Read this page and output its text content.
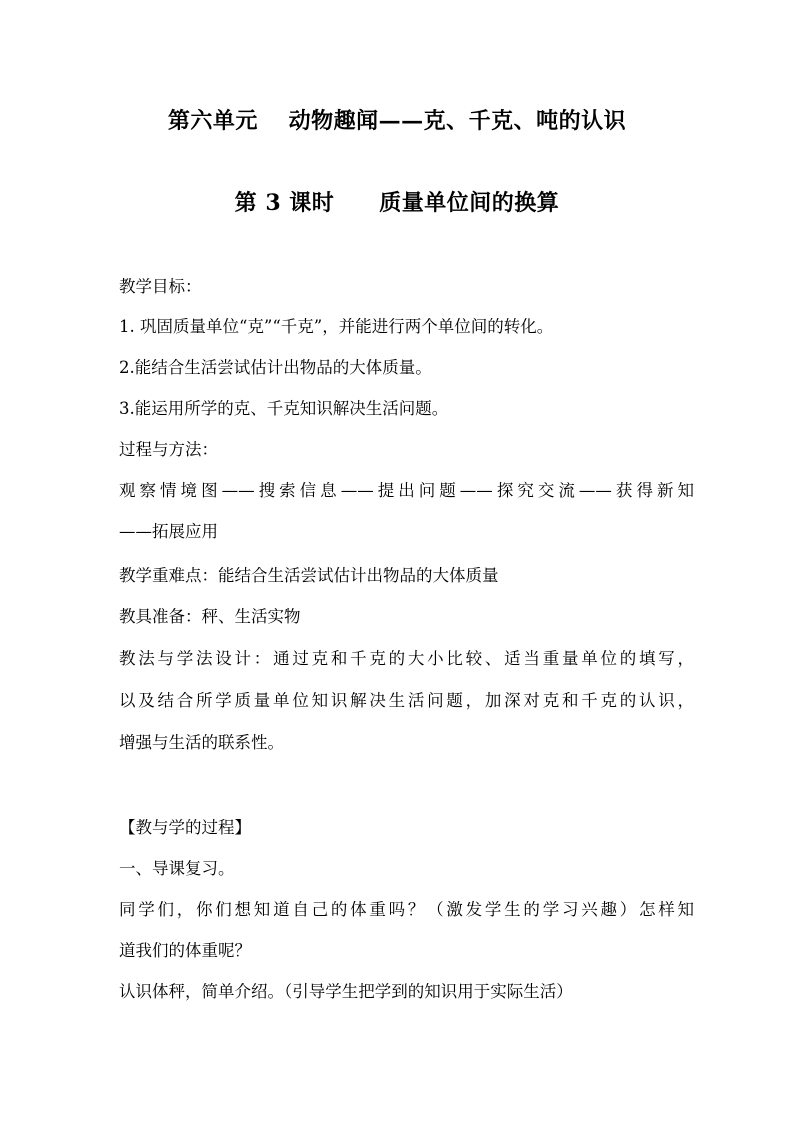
第六单元　 动物趣闻——克、千克、吨的认识
第 3 课时　　质量单位间的换算
教学目标：
1. 巩固质量单位“克”“千克”，并能进行两个单位间的转化。
2.能结合生活尝试估计出物品的大体质量。
3.能运用所学的克、千克知识解决生活问题。
过程与方法：
观察情境图——搜索信息——提出问题——探究交流——获得新知
——拓展应用
教学重难点：能结合生活尝试估计出物品的大体质量
教具准备：秤、生活实物
教法与学法设计：通过克和千克的大小比较、适当重量单位的填写，
以及结合所学质量单位知识解决生活问题，加深对克和千克的认识，
增强与生活的联系性。
【教与学的过程】
一、导课复习。
同学们，你们想知道自己的体重吗？（激发学生的学习兴趣）怎样知
道我们的体重呢？
认识体秤，简单介绍。（引导学生把学到的知识用于实际生活）
